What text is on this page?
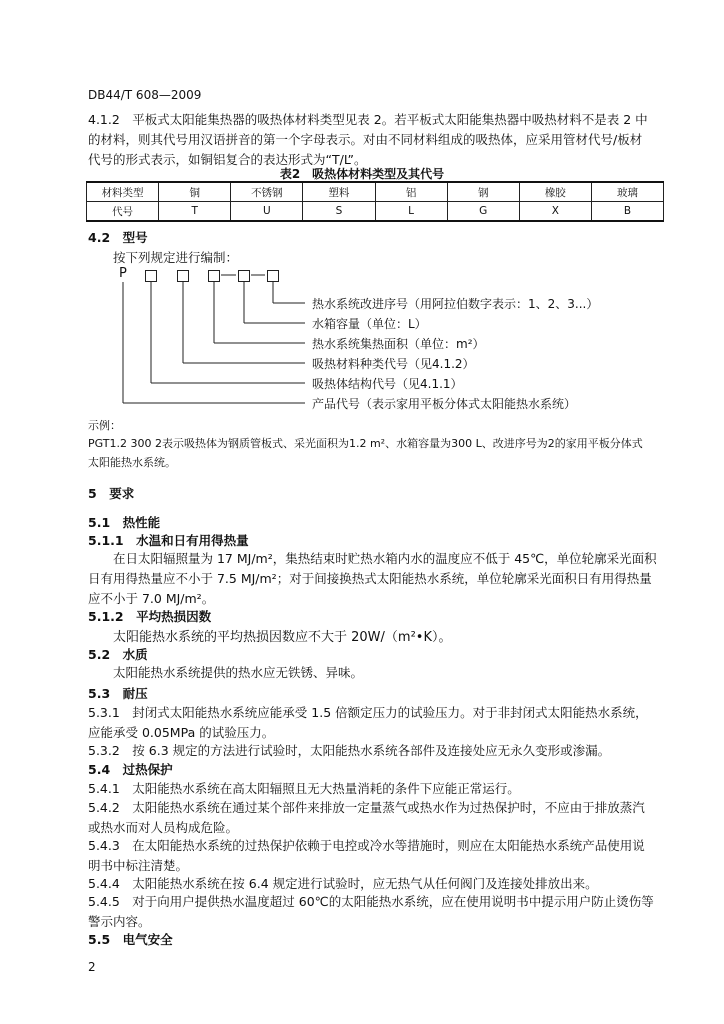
DB44/T 608—2009
4.1.2　平板式太阳能集热器的吸热体材料类型见表 2。若平板式太阳能集热器中吸热材料不是表 2 中
的材料，则其代号用汉语拼音的第一个字母表示。对由不同材料组成的吸热体，应采用管材代号/板材
代号的形式表示，如铜铝复合的表达形式为“T/L”。
表2　吸热体材料类型及其代号
材料类型	铜	不锈钢	塑料	铝	钢	橡胶	玻璃
代号	T	U	S	L	G	X	B
4.2　型号
按下列规定进行编制：
P
热水系统改进序号（用阿拉伯数字表示：1、2、3...）
水箱容量（单位：L）
热水系统集热面积（单位：m²）
吸热材料种类代号（见4.1.2）
吸热体结构代号（见4.1.1）
产品代号（表示家用平板分体式太阳能热水系统）
示例：
PGT1.2 300 2表示吸热体为钢质管板式、采光面积为1.2 m²、水箱容量为300 L、改进序号为2的家用平板分体式
太阳能热水系统。
5　要求
5.1　热性能
5.1.1　水温和日有用得热量
在日太阳辐照量为 17 MJ/m²，集热结束时贮热水箱内水的温度应不低于 45℃，单位轮廓采光面积
日有用得热量应不小于 7.5 MJ/m²；对于间接换热式太阳能热水系统，单位轮廓采光面积日有用得热量
应不小于 7.0 MJ/m²。
5.1.2　平均热损因数
太阳能热水系统的平均热损因数应不大于 20W/（m²•K）。
5.2　水质
太阳能热水系统提供的热水应无铁锈、异味。
5.3　耐压
5.3.1　封闭式太阳能热水系统应能承受 1.5 倍额定压力的试验压力。对于非封闭式太阳能热水系统，
应能承受 0.05MPa 的试验压力。
5.3.2　按 6.3 规定的方法进行试验时，太阳能热水系统各部件及连接处应无永久变形或渗漏。
5.4　过热保护
5.4.1　太阳能热水系统在高太阳辐照且无大热量消耗的条件下应能正常运行。
5.4.2　太阳能热水系统在通过某个部件来排放一定量蒸气或热水作为过热保护时，不应由于排放蒸汽
或热水而对人员构成危险。
5.4.3　在太阳能热水系统的过热保护依赖于电控或冷水等措施时，则应在太阳能热水系统产品使用说
明书中标注清楚。
5.4.4　太阳能热水系统在按 6.4 规定进行试验时，应无热气从任何阀门及连接处排放出来。
5.4.5　对于向用户提供热水温度超过 60℃的太阳能热水系统，应在使用说明书中提示用户防止烫伤等
警示内容。
5.5　电气安全
2
